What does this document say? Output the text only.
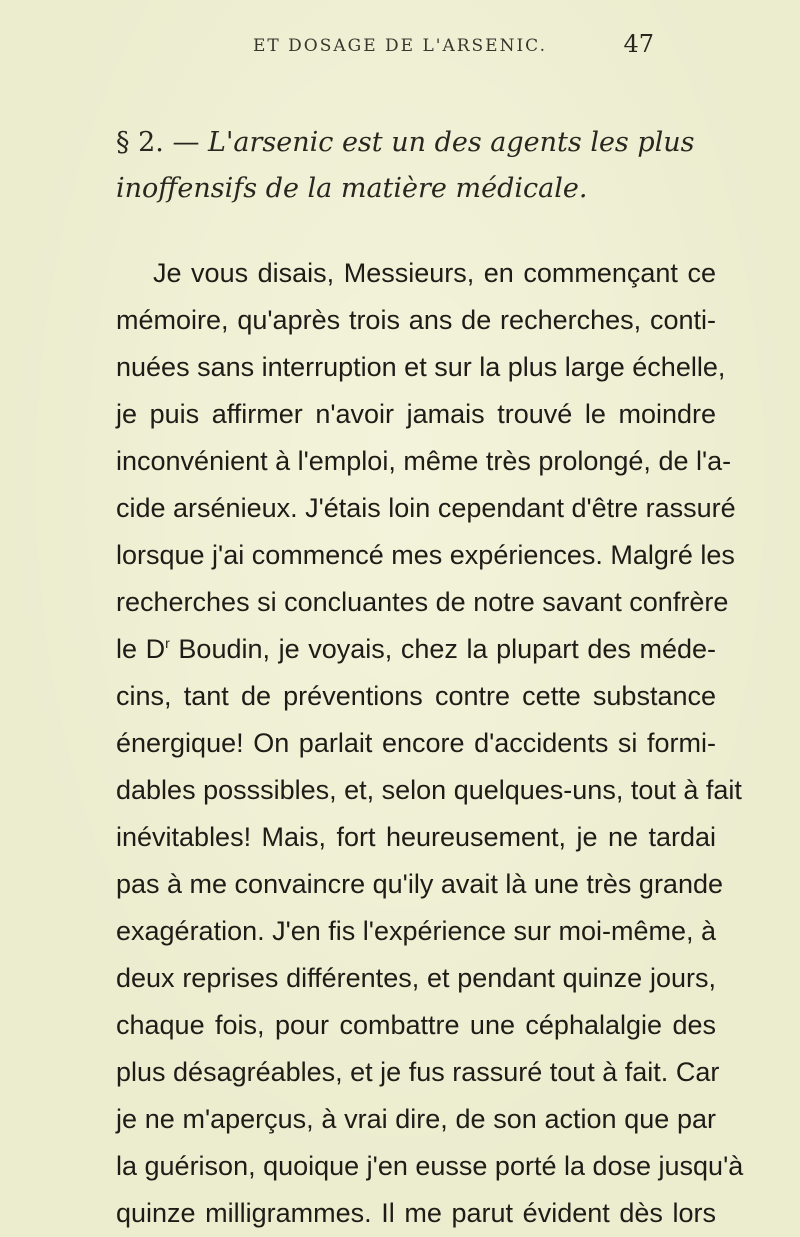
ET DOSAGE DE L'ARSENIC.	47
§ 2. — L'arsenic est un des agents les plus
inoffensifs de la matière médicale.
Je vous disais, Messieurs, en commençant ce
mémoire, qu'après trois ans de recherches, conti-
nuées sans interruption et sur la plus large échelle,
je puis affirmer n'avoir jamais trouvé le moindre
inconvénient à l'emploi, même très prolongé, de l'a-
cide arsénieux. J'étais loin cependant d'être rassuré
lorsque j'ai commencé mes expériences. Malgré les
recherches si concluantes de notre savant confrère
le $D^r$ Boudin, je voyais, chez la plupart des méde-
cins, tant de préventions contre cette substance
énergique! On parlait encore d'accidents si formi-
dables posssibles, et, selon quelques-uns, tout à fait
inévitables! Mais, fort heureusement, je ne tardai
pas à me convaincre qu'ily avait là une très grande
exagération. J'en fis l'expérience sur moi-même, à
deux reprises différentes, et pendant quinze jours,
chaque fois, pour combattre une céphalalgie des
plus désagréables, et je fus rassuré tout à fait. Car
je ne m'aperçus, à vrai dire, de son action que par
la guérison, quoique j'en eusse porté la dose jusqu'à
quinze milligrammes. Il me parut évident dès lors
